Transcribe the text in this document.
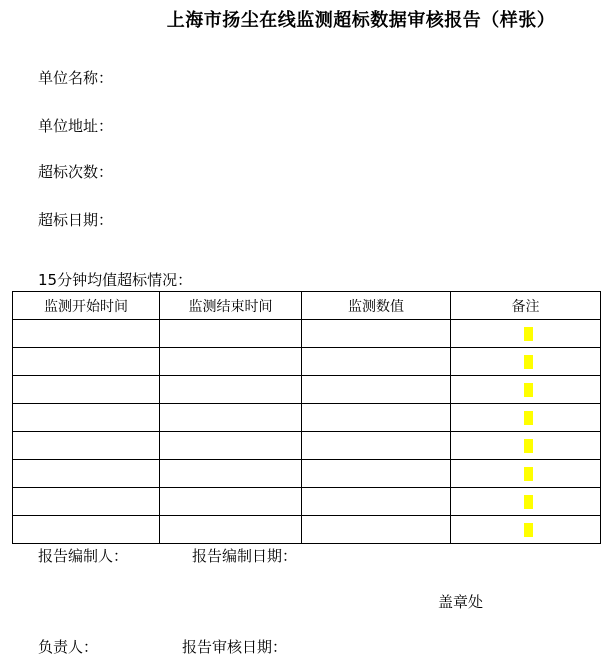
上海市扬尘在线监测超标数据审核报告（样张）
单位名称：
单位地址：
超标次数：
超标日期：
15分钟均值超标情况：
监测开始时间	监测结束时间	监测数值	备注

报告编制人：	报告编制日期：
盖章处
负责人：	报告审核日期：
